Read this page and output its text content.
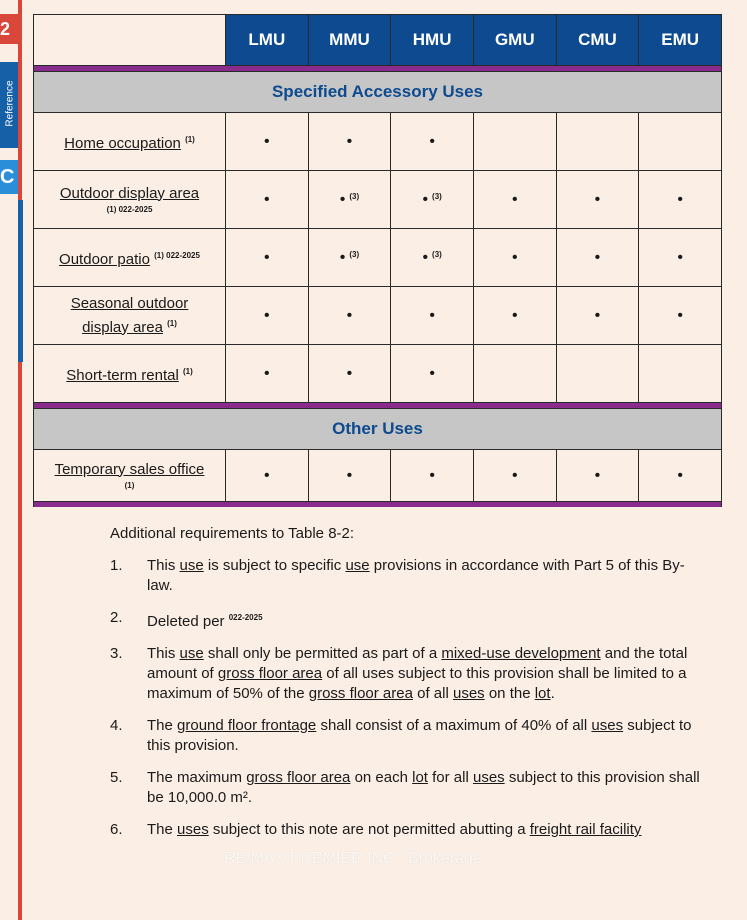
2
Reference
C
	LMU	MMU	HMU	GMU	CMU	EMU

Specified Accessory Uses						
Home occupation $^{(1)}$	•	•	•			
Outdoor display area
(1) 022-2025	•	• $^{(3)}$	• $^{(3)}$	•	•	•
Outdoor patio $^{(1) 022-2025}$	•	• $^{(3)}$	• $^{(3)}$	•	•	•
Seasonal outdoor
display area $^{(1)}$	•	•	•	•	•	•
Short-term rental $^{(1)}$	•	•	•			

Other Uses						
Temporary sales office
(1)	•	•	•	•	•	•

Additional requirements to Table 8-2:

1. This use is subject to specific use provisions in accordance with Part 5 of this By-law.
2. Deleted per $^{022-2025}$
3. This use shall only be permitted as part of a mixed-use development and the total amount of gross floor area of all uses subject to this provision shall be limited to a maximum of 50% of the gross floor area of all uses on the lot.
4. The ground floor frontage shall consist of a maximum of 40% of all uses subject to this provision.
5. The maximum gross floor area on each lot for all uses subject to this provision shall be 10,000.0 m².
6. The uses subject to this note are not permitted abutting a freight rail facility
RE/MAX PREMIER INC., Brokerage
